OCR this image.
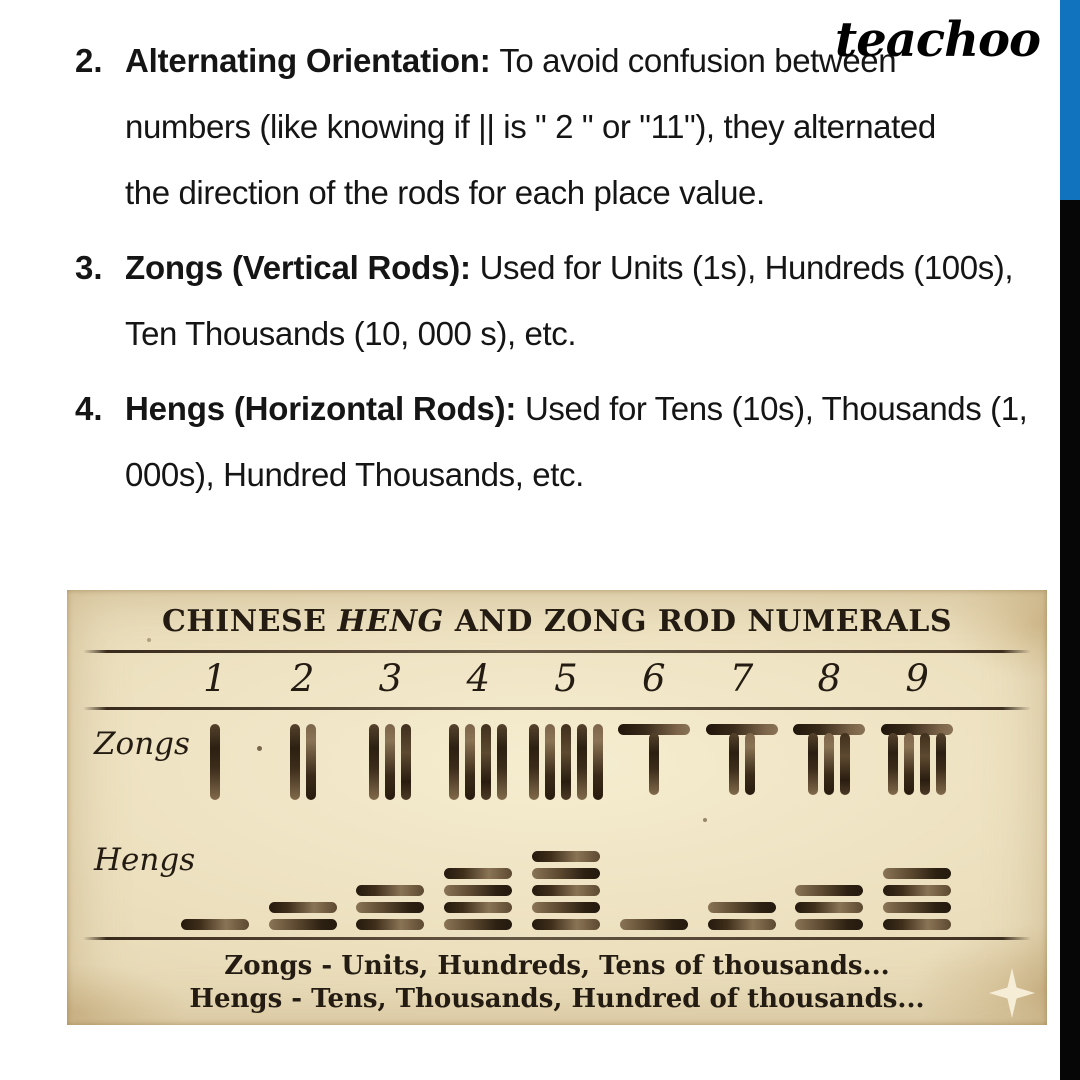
teachoo
2. Alternating Orientation: To avoid confusion between
numbers (like knowing if || is " 2 " or "11"), they alternated
the direction of the rods for each place value.
3. Zongs (Vertical Rods): Used for Units (1s), Hundreds (100s),
Ten Thousands (10, 000 s), etc.
4. Hengs (Horizontal Rods): Used for Tens (10s), Thousands (1,
000s), Hundred Thousands, etc.
CHINESE HENG AND ZONG ROD NUMERALS
1	2	3	4	5	6	7	8	9
Zongs
Hengs
Zongs - Units, Hundreds, Tens of thousands...
Hengs - Tens, Thousands, Hundred of thousands...
